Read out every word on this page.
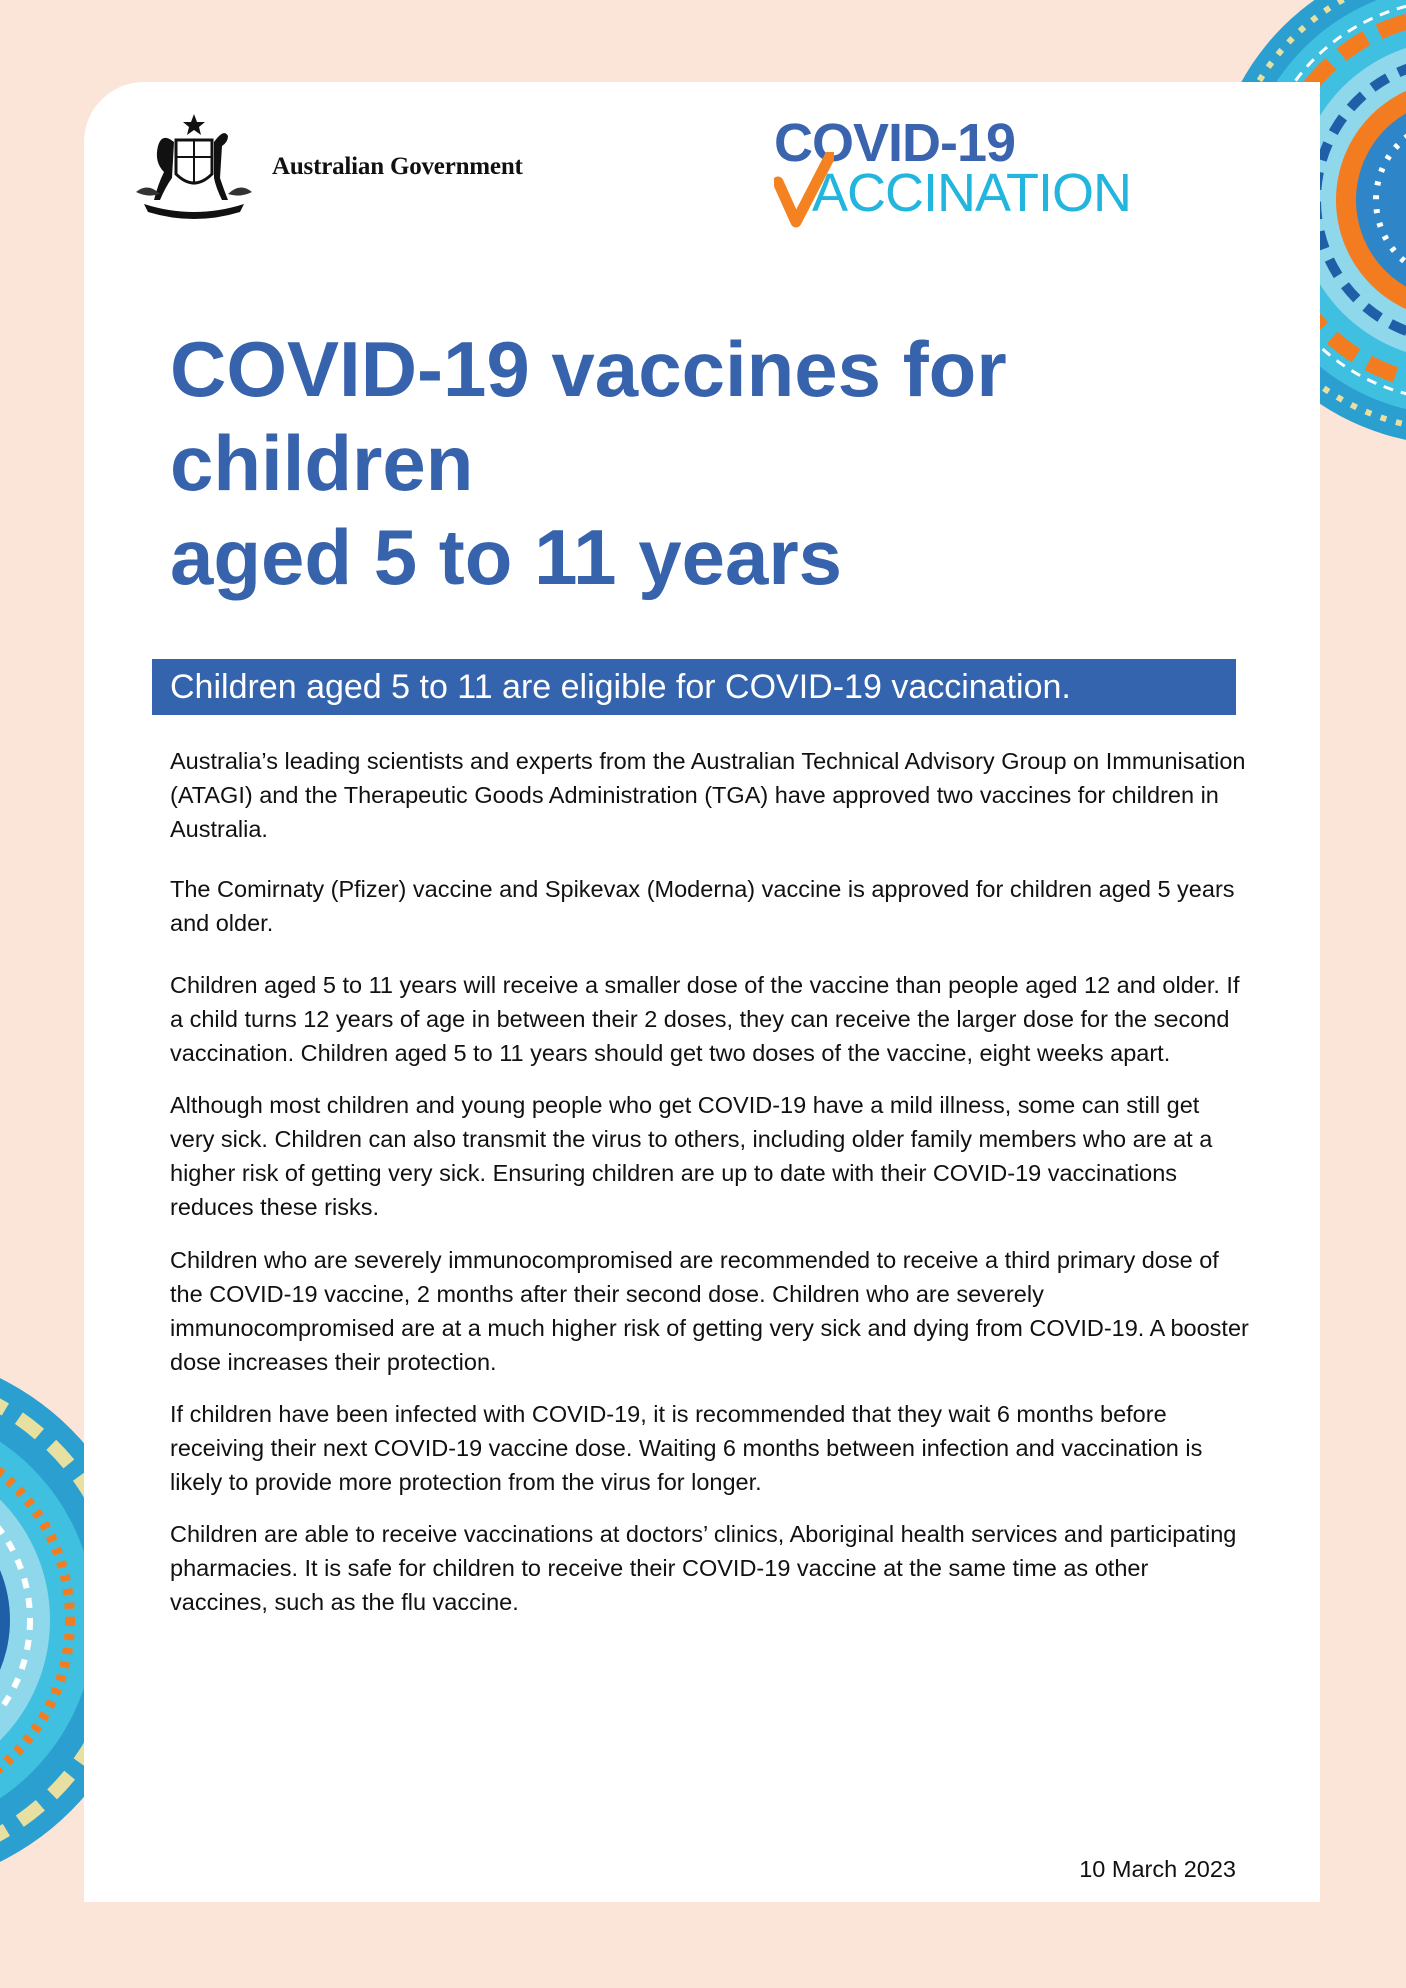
Australian Government	COVID-19
ACCINATION
COVID-19 vaccines for
children
aged 5 to 11 years
Children aged 5 to 11 are eligible for COVID-19 vaccination.

Australia’s leading scientists and experts from the Australian Technical Advisory Group on Immunisation (ATAGI) and the Therapeutic Goods Administration (TGA) have approved two vaccines for children in Australia.

The Comirnaty (Pfizer) vaccine and Spikevax (Moderna) vaccine is approved for children aged 5 years and older.

Children aged 5 to 11 years will receive a smaller dose of the vaccine than people aged 12 and older. If a child turns 12 years of age in between their 2 doses, they can receive the larger dose for the second vaccination. Children aged 5 to 11 years should get two doses of the vaccine, eight weeks apart.

Although most children and young people who get COVID-19 have a mild illness, some can still get very sick. Children can also transmit the virus to others, including older family members who are at a higher risk of getting very sick. Ensuring children are up to date with their COVID-19 vaccinations reduces these risks.

Children who are severely immunocompromised are recommended to receive a third primary dose of the COVID-19 vaccine, 2 months after their second dose. Children who are severely immunocompromised are at a much higher risk of getting very sick and dying from COVID-19. A booster dose increases their protection.

If children have been infected with COVID-19, it is recommended that they wait 6 months before receiving their next COVID-19 vaccine dose. Waiting 6 months between infection and vaccination is likely to provide more protection from the virus for longer.

Children are able to receive vaccinations at doctors’ clinics, Aboriginal health services and participating pharmacies. It is safe for children to receive their COVID-19 vaccine at the same time as other vaccines, such as the flu vaccine.

10 March 2023
